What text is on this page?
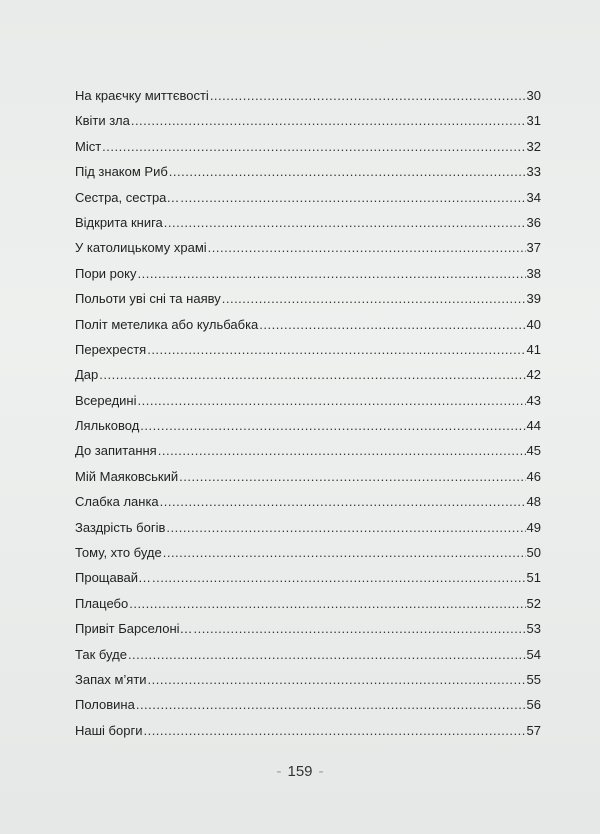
На краєчку миттєвості .....	30
Квіти зла .....	31
Міст .....	32
Під знаком Риб .....	33
Сестра, сестра… .....	34
Відкрита книга .....	36
У католицькому храмі .....	37
Пори року .....	38
Польоти уві сні та наяву .....	39
Політ метелика або кульбабка .....	40
Перехрестя .....	41
Дар .....	42
Всередині .....	43
Ляльковод .....	44
До запитання .....	45
Мій Маяковський .....	46
Слабка ланка .....	48
Заздрість богів .....	49
Тому, хто буде .....	50
Прощавай… .....	51
Плацебо .....	52
Привіт Барселоні… .....	53
Так буде .....	54
Запах м’яти .....	55
Половина .....	56
Наші борги .....	57
- 159 -
